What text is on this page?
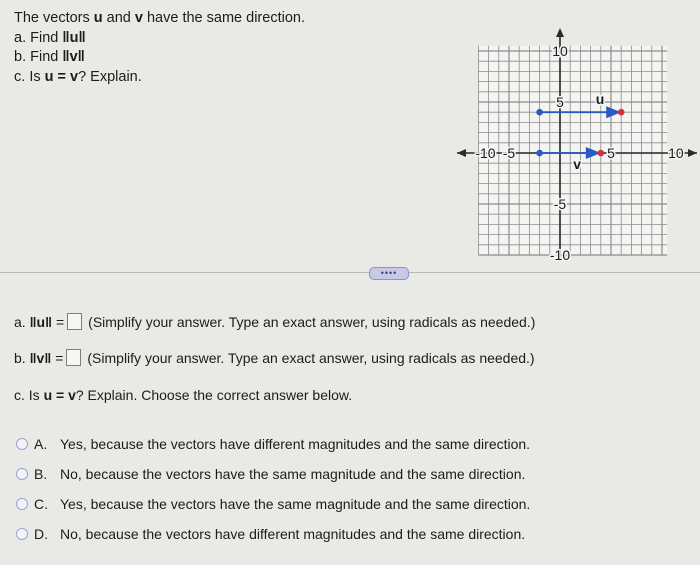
The vectors u and v have the same direction.
a. Find ‖u‖
b. Find ‖v‖
c. Is u = v? Explain.
-10 -5	5	10
10
5
-5
-10
u
v
••••
a.
‖u‖ = (Simplify your answer. Type an exact answer, using radicals as needed.)
b.
‖v‖ = (Simplify your answer. Type an exact answer, using radicals as needed.)
c.
Is
u = v ? Explain. Choose the correct answer below.
A. Yes, because the vectors have different magnitudes and the same direction.
B. No, because the vectors have the same magnitude and the same direction.
C. Yes, because the vectors have the same magnitude and the same direction.
D. No, because the vectors have different magnitudes and the same direction.
